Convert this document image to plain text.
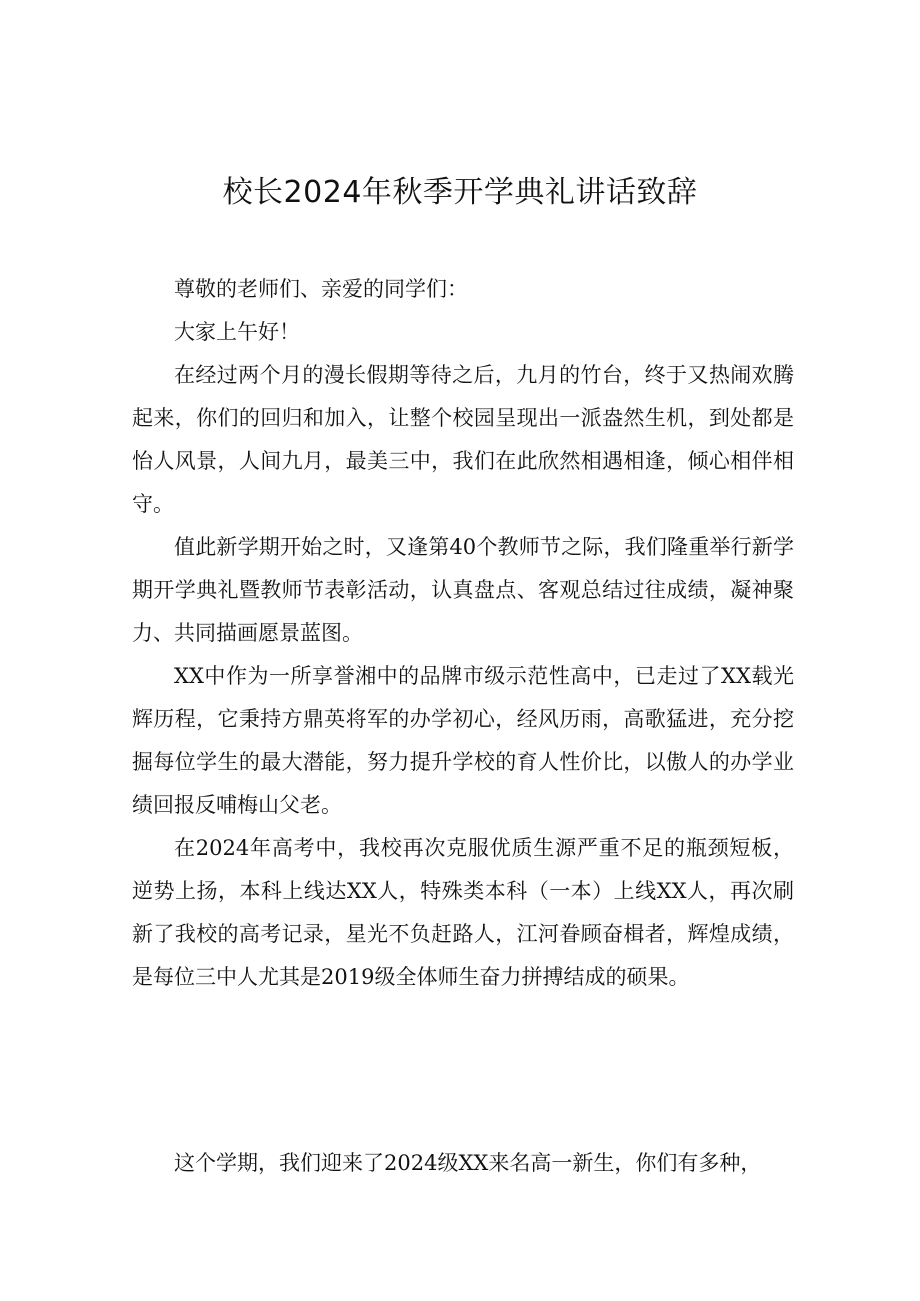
校长2024年秋季开学典礼讲话致辞

尊敬的老师们、亲爱的同学们：

大家上午好！

在经过两个月的漫长假期等待之后，九月的竹台，终于又热闹欢腾起来，你们的回归和加入，让整个校园呈现出一派盎然生机，到处都是怡人风景，人间九月，最美三中，我们在此欣然相遇相逢，倾心相伴相守。

值此新学期开始之时，又逢第40个教师节之际，我们隆重举行新学期开学典礼暨教师节表彰活动，认真盘点、客观总结过往成绩，凝神聚力、共同描画愿景蓝图。

XX中作为一所享誉湘中的品牌市级示范性高中，已走过了XX载光辉历程，它秉持方鼎英将军的办学初心，经风历雨，高歌猛进，充分挖掘每位学生的最大潜能，努力提升学校的育人性价比，以傲人的办学业绩回报反哺梅山父老。

在2024年高考中，我校再次克服优质生源严重不足的瓶颈短板，逆势上扬，本科上线达XX人，特殊类本科（一本）上线XX人，再次刷新了我校的高考记录，星光不负赶路人，江河眷顾奋楫者，辉煌成绩，是每位三中人尤其是2019级全体师生奋力拼搏结成的硕果。

这个学期，我们迎来了2024级XX来名高一新生，你们有多种，
